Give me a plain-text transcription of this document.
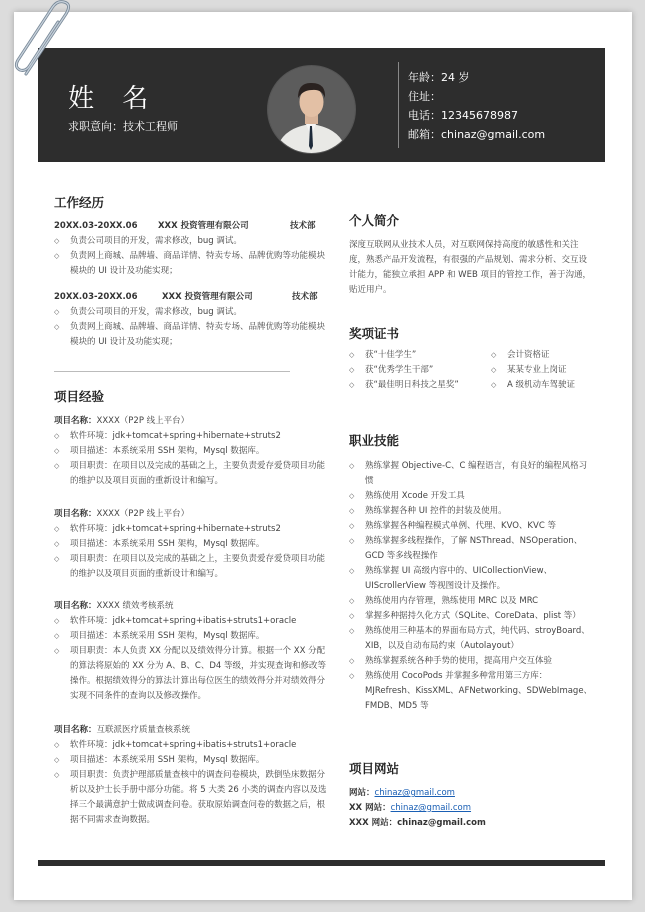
姓 名
求职意向：技术工程师
年龄：24 岁
住址：
电话：12345678987
邮箱：chinaz@gmail.com
工作经历
20XX.03-20XX.06	XXX 投资管理有限公司	技术部
◇ 负责公司项目的开发，需求修改，bug 调试。
◇ 负责网上商城、品牌墙、商品详情、特卖专场、品牌优购等功能模块模块的 UI 设计及功能实现；
20XX.03-20XX.06	XXX 投资管理有限公司	技术部
◇ 负责公司项目的开发，需求修改，bug 调试。
◇ 负责网上商城、品牌墙、商品详情、特卖专场、品牌优购等功能模块模块的 UI 设计及功能实现；
项目经验
项目名称：XXXX（P2P 线上平台）
◇ 软件环境：jdk+tomcat+spring+hibernate+struts2
◇ 项目描述：本系统采用 SSH 架构，Mysql 数据库。
◇ 项目职责：在项目以及完成的基础之上，主要负责爱存爱贷项目功能的维护以及项目页面的重新设计和编写。
项目名称：XXXX（P2P 线上平台）
◇ 软件环境：jdk+tomcat+spring+hibernate+struts2
◇ 项目描述：本系统采用 SSH 架构，Mysql 数据库。
◇ 项目职责：在项目以及完成的基础之上，主要负责爱存爱贷项目功能的维护以及项目页面的重新设计和编写。
项目名称：XXXX 绩效考核系统
◇ 软件环境：jdk+tomcat+spring+ibatis+struts1+oracle
◇ 项目描述：本系统采用 SSH 架构，Mysql 数据库。
◇ 项目职责：本人负责 XX 分配以及绩效得分计算。根据一个 XX 分配的算法将原始的 XX 分为 A、B、C、D4 等级，并实现查询和修改等操作。根据绩效得分的算法计算出每位医生的绩效得分并对绩效得分实现不同条件的查询以及修改操作。
项目名称：互联派医疗质量查核系统
◇ 软件环境：jdk+tomcat+spring+ibatis+struts1+oracle
◇ 项目描述：本系统采用 SSH 架构，Mysql 数据库。
◇ 项目职责：负责护理部质量查核中的调查问卷模块，跌倒坠床数据分析以及护士长手册中部分功能。将 5 大类 26 小类的调查内容以及选择三个最满意护士做成调查问卷。获取原始调查问卷的数据之后，根据不同需求查询数据。
个人简介
深度互联网从业技术人员，对互联网保持高度的敏感性和关注度，熟悉产品开发流程，有很强的产品规划、需求分析、交互设计能力，能独立承担 APP 和 WEB 项目的管控工作，善于沟通，贴近用户。
奖项证书
◇ 获“十佳学生”	◇ 会计资格证
◇ 获“优秀学生干部”	◇ 某某专业上岗证
◇ 获“最佳明日科技之星奖”	◇ A 级机动车驾驶证
职业技能
◇ 熟练掌握 Objective-C、C 编程语言，有良好的编程风格习惯
◇ 熟练使用 Xcode 开发工具
◇ 熟练掌握各种 UI 控件的封装及使用。
◇ 熟练掌握各种编程模式单例、代理、KVO、KVC 等
◇ 熟练掌握多线程操作，了解 NSThread、NSOperation、GCD 等多线程操作
◇ 熟练掌握 UI 高级内容中的、UICollectionView、UIScrollerView 等视图设计及操作。
◇ 熟练使用内存管理，熟练使用 MRC 以及 MRC
◇ 掌握多种据持久化方式（SQLite、CoreData、plist 等）
◇ 熟练使用三种基本的界面布局方式，纯代码、stroyBoard、XIB，以及自动布局约束（Autolayout）
◇ 熟练掌握系统各种手势的使用，提高用户交互体验
◇ 熟练使用 CocoPods 并掌握多种常用第三方库：MJRefresh、KissXML、AFNetworking、SDWebImage、FMDB、MD5 等
项目网站
网站：chinaz@gmail.com
XX 网站：chinaz@gmail.com
XXX 网站：chinaz@gmail.com
